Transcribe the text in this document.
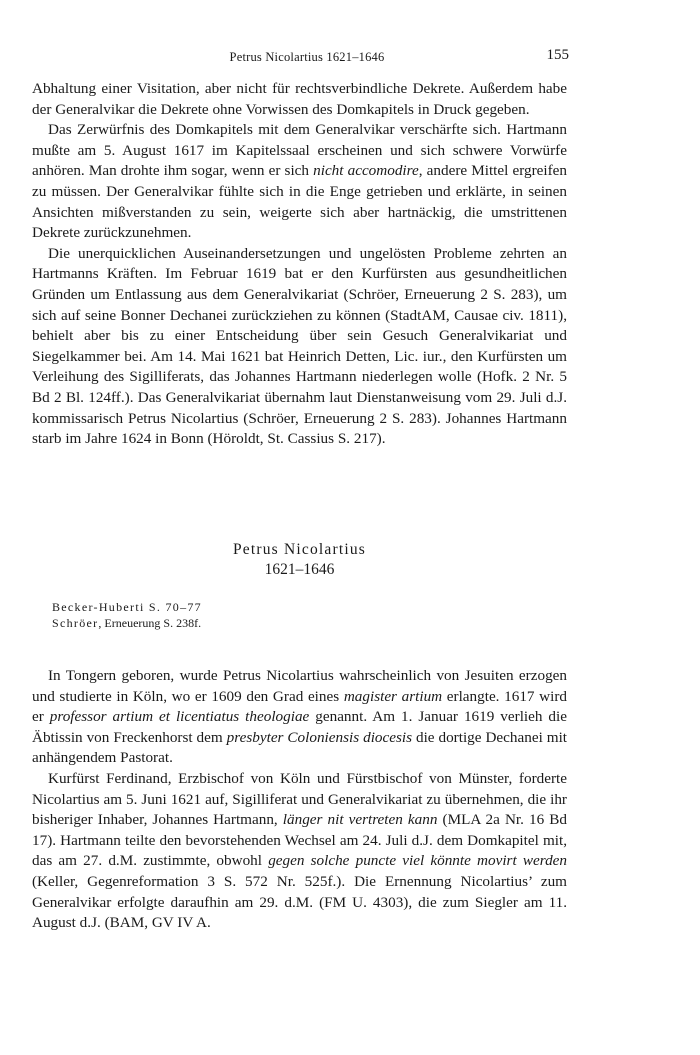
Petrus Nicolartius 1621–1646	155

Abhaltung einer Visitation, aber nicht für rechtsverbindliche Dekrete. Außerdem habe der Generalvikar die Dekrete ohne Vorwissen des Domkapitels in Druck gegeben.

Das Zerwürfnis des Domkapitels mit dem Generalvikar verschärfte sich. Hartmann mußte am 5. August 1617 im Kapitelssaal erscheinen und sich schwere Vorwürfe anhören. Man drohte ihm sogar, wenn er sich nicht accomodire, andere Mittel ergreifen zu müssen. Der Generalvikar fühlte sich in die Enge getrieben und erklärte, in seinen Ansichten mißverstanden zu sein, weigerte sich aber hartnäckig, die umstrittenen Dekrete zurückzunehmen.

Die unerquicklichen Auseinandersetzungen und ungelösten Probleme zehrten an Hartmanns Kräften. Im Februar 1619 bat er den Kurfürsten aus gesundheitlichen Gründen um Entlassung aus dem Generalvikariat (Schröer, Erneuerung 2 S. 283), um sich auf seine Bonner Dechanei zurückziehen zu können (StadtAM, Causae civ. 1811), behielt aber bis zu einer Entscheidung über sein Gesuch Generalvikariat und Siegelkammer bei. Am 14. Mai 1621 bat Heinrich Detten, Lic. iur., den Kurfürsten um Verleihung des Sigilliferats, das Johannes Hartmann niederlegen wolle (Hofk. 2 Nr. 5 Bd 2 Bl. 124ff.). Das Generalvikariat übernahm laut Dienstanweisung vom 29. Juli d.J. kommissarisch Petrus Nicolartius (Schröer, Erneuerung 2 S. 283). Johannes Hartmann starb im Jahre 1624 in Bonn (Höroldt, St. Cassius S. 217).

Petrus Nicolartius
1621–1646
Becker-Huberti S. 70–77
Schröer, Erneuerung S. 238f.

In Tongern geboren, wurde Petrus Nicolartius wahrscheinlich von Jesuiten erzogen und studierte in Köln, wo er 1609 den Grad eines magister artium erlangte. 1617 wird er professor artium et licentiatus theologiae genannt. Am 1. Januar 1619 verlieh die Äbtissin von Freckenhorst dem presbyter Coloniensis diocesis die dortige Dechanei mit anhängendem Pastorat.

Kurfürst Ferdinand, Erzbischof von Köln und Fürstbischof von Münster, forderte Nicolartius am 5. Juni 1621 auf, Sigilliferat und Generalvikariat zu übernehmen, die ihr bisheriger Inhaber, Johannes Hartmann, länger nit vertreten kann (MLA 2a Nr. 16 Bd 17). Hartmann teilte den bevorstehenden Wechsel am 24. Juli d.J. dem Domkapitel mit, das am 27. d.M. zustimmte, obwohl gegen solche puncte viel könnte movirt werden (Keller, Gegenreformation 3 S. 572 Nr. 525f.). Die Ernennung Nicolartius’ zum Generalvikar erfolgte daraufhin am 29. d.M. (FM U. 4303), die zum Siegler am 11. August d.J. (BAM, GV IV A.
